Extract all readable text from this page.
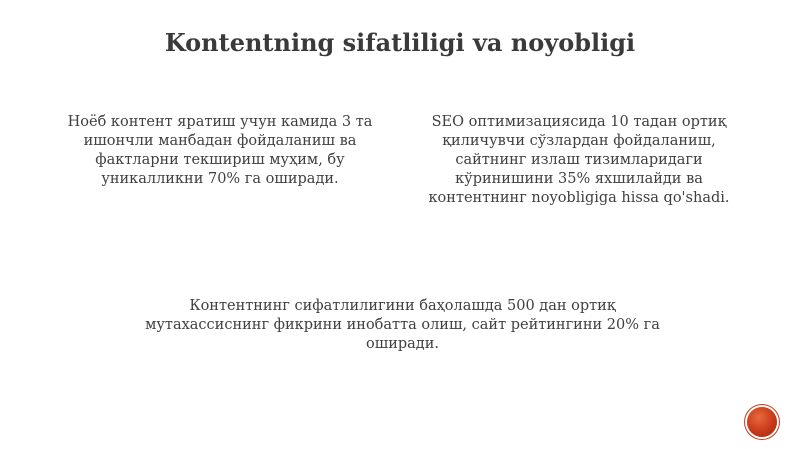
Kontentning sifatliligi va noyobligi

Ноёб контент яратиш учун камида 3 та ишончли манбадан фойдаланиш ва фактларни текшириш муҳим, бу уникалликни 70% га оширади.

SEO оптимизациясида 10 тадан ортиқ қиличувчи сўзлардан фойдаланиш, сайтнинг излаш тизимларидаги кўринишини 35% яхшилайди ва контентнинг noyobligiga hissa qo'shadi.

Контентнинг сифатлилигини баҳолашда 500 дан ортиқ мутахассиснинг фикрини инобатта олиш, сайт рейтингини 20% га оширади.
